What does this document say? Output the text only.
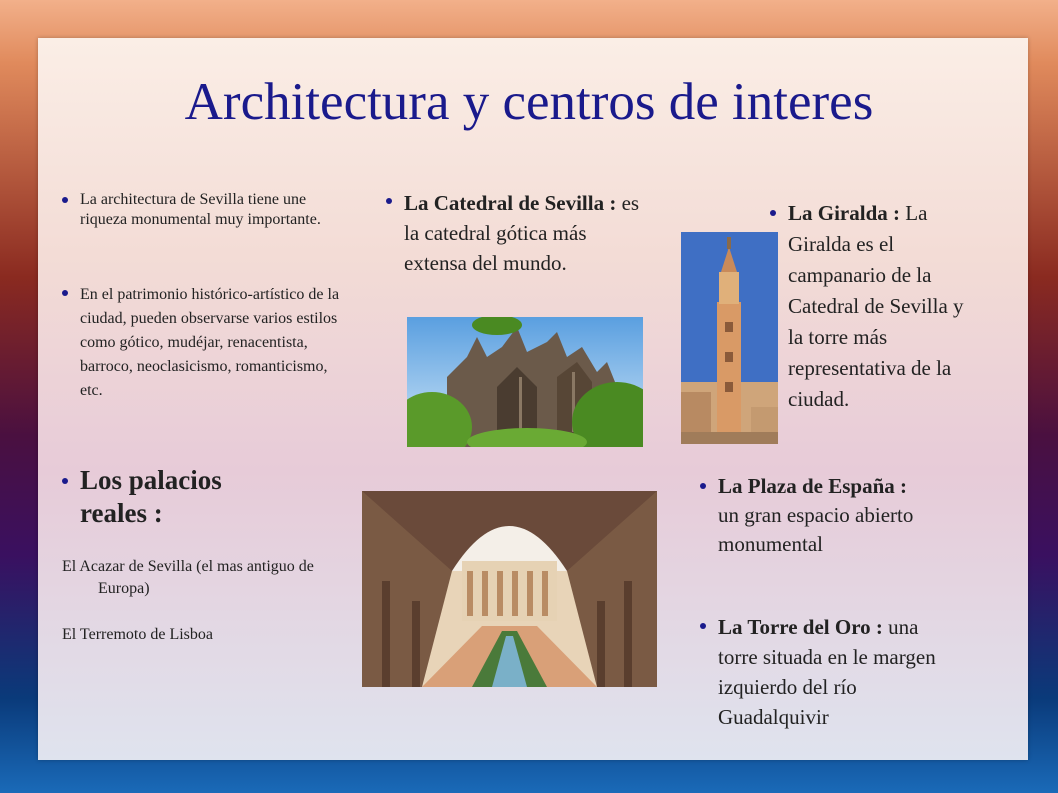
Architectura y centros de interes
La architectura de Sevilla tiene une riqueza monumental muy importante.
En el patrimonio histórico-artístico de la ciudad, pueden observarse varios estilos como gótico, mudéjar, renacentista, barroco, neoclasicismo, romanticismo, etc.
Los palacios reales :
El Acazar de Sevilla (el mas antiguo de Europa)
El Terremoto de Lisboa
La Catedral de Sevilla : es la catedral gótica más extensa del mundo.
La Giralda : La Giralda es el campanario de la Catedral de Sevilla y la torre más representativa de la ciudad.
La Plaza de España : un gran espacio abierto monumental
La Torre del Oro : una torre situada en le margen izquierdo del río Guadalquivir
